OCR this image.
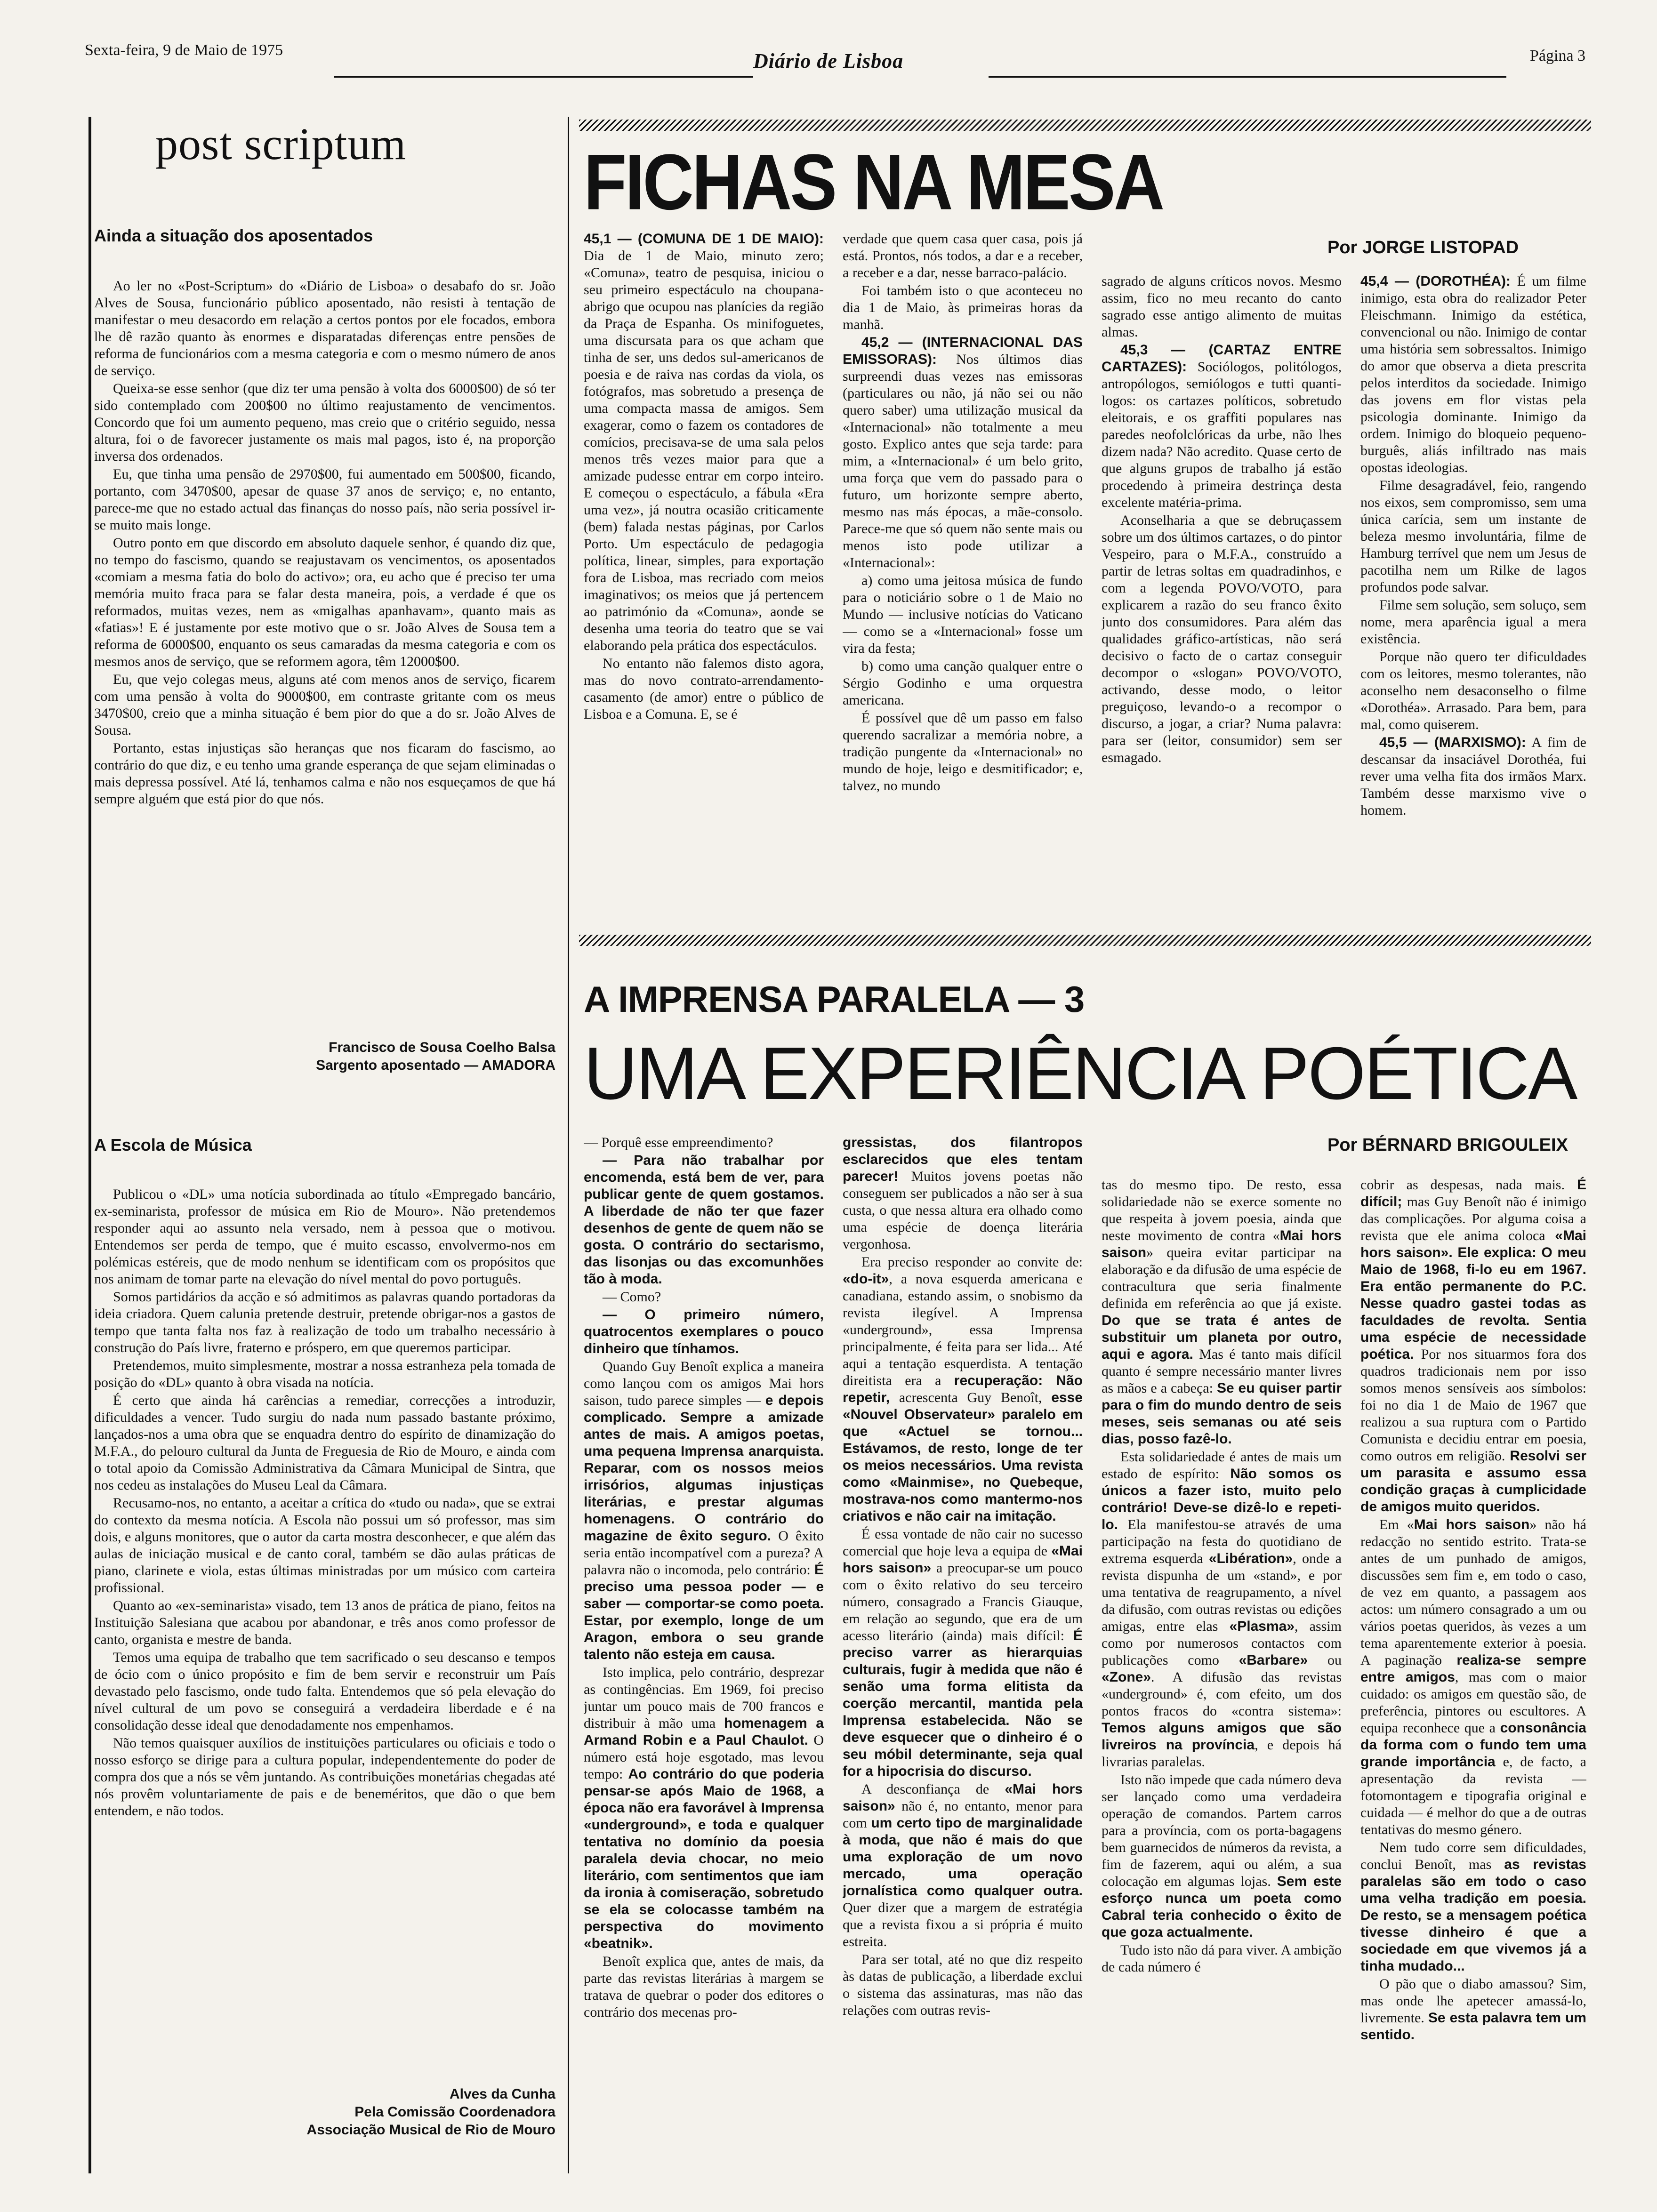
Sexta-feira, 9 de Maio de 1975	Diário de Lisboa	Página 3
post scriptum
Ainda a situação dos aposentados

Ao ler no «Post-Scriptum» do «Diário de Lisboa» o desabafo do sr. João Alves de Sousa, funcionário público aposentado, não resisti à tentação de manifestar o meu desacordo em relação a certos pontos por ele focados, embora lhe dê razão quanto às enormes e disparatadas diferenças entre pensões de reforma de funcionários com a mesma categoria e com o mesmo número de anos de serviço.

Queixa-se esse senhor (que diz ter uma pensão à volta dos 6000$00) de só ter sido contemplado com 200$00 no último reajustamento de vencimentos. Concordo que foi um aumento pequeno, mas creio que o critério seguido, nessa altura, foi o de favorecer justamente os mais mal pagos, isto é, na proporção inversa dos ordenados.

Eu, que tinha uma pensão de 2970$00, fui aumentado em 500$00, ficando, portanto, com 3470$00, apesar de quase 37 anos de serviço; e, no entanto, parece-me que no estado actual das finanças do nosso país, não seria possível ir-se muito mais longe.

Outro ponto em que discordo em absoluto daquele senhor, é quando diz que, no tempo do fascismo, quando se reajustavam os vencimentos, os aposentados «comiam a mesma fatia do bolo do activo»; ora, eu acho que é preciso ter uma memória muito fraca para se falar desta maneira, pois, a verdade é que os reformados, muitas vezes, nem as «migalhas apanhavam», quanto mais as «fatias»! E é justamente por este motivo que o sr. João Alves de Sousa tem a reforma de 6000$00, enquanto os seus camaradas da mesma categoria e com os mesmos anos de serviço, que se reformem agora, têm 12000$00.

Eu, que vejo colegas meus, alguns até com menos anos de serviço, ficarem com uma pensão à volta do 9000$00, em contraste gritante com os meus 3470$00, creio que a minha situação é bem pior do que a do sr. João Alves de Sousa.

Portanto, estas injustiças são heranças que nos ficaram do fascismo, ao contrário do que diz, e eu tenho uma grande esperança de que sejam eliminadas o mais depressa possível. Até lá, tenhamos calma e não nos esqueçamos de que há sempre alguém que está pior do que nós.

Francisco de Sousa Coelho Balsa
Sargento aposentado — AMADORA
A Escola de Música

Publicou o «DL» uma notícia subordinada ao título «Empregado bancário, ex-seminarista, professor de música em Rio de Mouro». Não pretendemos responder aqui ao assunto nela versado, nem à pessoa que o motivou. Entendemos ser perda de tempo, que é muito escasso, envolvermo-nos em polémicas estéreis, que de modo nenhum se identificam com os propósitos que nos animam de tomar parte na elevação do nível mental do povo português.

Somos partidários da acção e só admitimos as palavras quando portadoras da ideia criadora. Quem calunia pretende destruir, pretende obrigar-nos a gastos de tempo que tanta falta nos faz à realização de todo um trabalho necessário à construção do País livre, fraterno e próspero, em que queremos participar.

Pretendemos, muito simplesmente, mostrar a nossa estranheza pela tomada de posição do «DL» quanto à obra visada na notícia.

É certo que ainda há carências a remediar, correcções a introduzir, dificuldades a vencer. Tudo surgiu do nada num passado bastante próximo, lançados-nos a uma obra que se enquadra dentro do espírito de dinamização do M.F.A., do pelouro cultural da Junta de Freguesia de Rio de Mouro, e ainda com o total apoio da Comissão Administrativa da Câmara Municipal de Sintra, que nos cedeu as instalações do Museu Leal da Câmara.

Recusamo-nos, no entanto, a aceitar a crítica do «tudo ou nada», que se extrai do contexto da mesma notícia. A Escola não possui um só professor, mas sim dois, e alguns monitores, que o autor da carta mostra desconhecer, e que além das aulas de iniciação musical e de canto coral, também se dão aulas práticas de piano, clarinete e viola, estas últimas ministradas por um músico com carteira profissional.

Quanto ao «ex-seminarista» visado, tem 13 anos de prática de piano, feitos na Instituição Salesiana que acabou por abandonar, e três anos como professor de canto, organista e mestre de banda.

Temos uma equipa de trabalho que tem sacrificado o seu descanso e tempos de ócio com o único propósito e fim de bem servir e reconstruir um País devastado pelo fascismo, onde tudo falta. Entendemos que só pela elevação do nível cultural de um povo se conseguirá a verdadeira liberdade e é na consolidação desse ideal que denodadamente nos empenhamos.

Não temos quaisquer auxílios de instituições particulares ou oficiais e todo o nosso esforço se dirige para a cultura popular, independentemente do poder de compra dos que a nós se vêm juntando. As contribuições monetárias chegadas até nós provêm voluntariamente de pais e de beneméritos, que dão o que bem entendem, e não todos.

Alves da Cunha
Pela Comissão Coordenadora
Associação Musical de Rio de Mouro
FICHAS NA MESA
Por JORGE LISTOPAD

45,1 — (COMUNA DE 1 DE MAIO): Dia de 1 de Maio, minuto zero; «Comuna», teatro de pesquisa, iniciou o seu primeiro espectáculo na choupana-abrigo que ocupou nas planícies da região da Praça de Espanha. Os minifoguetes, uma discursata para os que acham que tinha de ser, uns dedos sul-americanos de poesia e de raiva nas cordas da viola, os fotógrafos, mas sobretudo a presença de uma compacta massa de amigos. Sem exagerar, como o fazem os contadores de comícios, precisava-se de uma sala pelos menos três vezes maior para que a amizade pudesse entrar em corpo inteiro. E começou o espectáculo, a fábula «Era uma vez», já noutra ocasião criticamente (bem) falada nestas páginas, por Carlos Porto. Um espectáculo de pedagogia política, linear, simples, para exportação fora de Lisboa, mas recriado com meios imaginativos; os meios que já pertencem ao património da «Comuna», aonde se desenha uma teoria do teatro que se vai elaborando pela prática dos espectáculos.

No entanto não falemos disto agora, mas do novo contrato-arrendamento-casamento (de amor) entre o público de Lisboa e a Comuna. E, se é

verdade que quem casa quer casa, pois já está. Prontos, nós todos, a dar e a receber, a receber e a dar, nesse barraco-palácio.

Foi também isto o que aconteceu no dia 1 de Maio, às primeiras horas da manhã.

45,2 — (INTERNACIONAL DAS EMISSORAS): Nos últimos dias surpreendi duas vezes nas emissoras (particulares ou não, já não sei ou não quero saber) uma utilização musical da «Internacional» não totalmente a meu gosto. Explico antes que seja tarde: para mim, a «Internacional» é um belo grito, uma força que vem do passado para o futuro, um horizonte sempre aberto, mesmo nas más épocas, a mãe-consolo. Parece-me que só quem não sente mais ou menos isto pode utilizar a «Internacional»:

a) como uma jeitosa música de fundo para o noticiário sobre o 1 de Maio no Mundo — inclusive notícias do Vaticano — como se a «Internacional» fosse um vira da festa;

b) como uma canção qualquer entre o Sérgio Godinho e uma orquestra americana.

É possível que dê um passo em falso querendo sacralizar a memória nobre, a tradição pungente da «Internacional» no mundo de hoje, leigo e desmitificador; e, talvez, no mundo

sagrado de alguns críticos novos. Mesmo assim, fico no meu recanto do canto sagrado esse antigo alimento de muitas almas.

45,3 — (CARTAZ ENTRE CARTAZES): Sociólogos, politólogos, antropólogos, semiólogos e tutti quanti-logos: os cartazes políticos, sobretudo eleitorais, e os graffiti populares nas paredes neofolclóricas da urbe, não lhes dizem nada? Não acredito. Quase certo de que alguns grupos de trabalho já estão procedendo à primeira destrinça desta excelente matéria-prima.

Aconselharia a que se debruçassem sobre um dos últimos cartazes, o do pintor Vespeiro, para o M.F.A., construído a partir de letras soltas em quadradinhos, e com a legenda POVO/VOTO, para explicarem a razão do seu franco êxito junto dos consumidores. Para além das qualidades gráfico-artísticas, não será decisivo o facto de o cartaz conseguir decompor o «slogan» POVO/VOTO, activando, desse modo, o leitor preguiçoso, levando-o a recompor o discurso, a jogar, a criar? Numa palavra: para ser (leitor, consumidor) sem ser esmagado.

45,4 — (DOROTHÉA): É um filme inimigo, esta obra do realizador Peter Fleischmann. Inimigo da estética, convencional ou não. Inimigo de contar uma história sem sobressaltos. Inimigo do amor que observa a dieta prescrita pelos interditos da sociedade. Inimigo das jovens em flor vistas pela psicologia dominante. Inimigo da ordem. Inimigo do bloqueio pequeno-burguês, aliás infiltrado nas mais opostas ideologias.

Filme desagradável, feio, rangendo nos eixos, sem compromisso, sem uma única carícia, sem um instante de beleza mesmo involuntária, filme de Hamburg terrível que nem um Jesus de pacotilha nem um Rilke de lagos profundos pode salvar.

Filme sem solução, sem soluço, sem nome, mera aparência igual a mera existência.

Porque não quero ter dificuldades com os leitores, mesmo tolerantes, não aconselho nem desaconselho o filme «Dorothéa». Arrasado. Para bem, para mal, como quiserem.

45,5 — (MARXISMO): A fim de descansar da insaciável Dorothéa, fui rever uma velha fita dos irmãos Marx. Também desse marxismo vive o homem.

A IMPRENSA PARALELA — 3
UMA EXPERIÊNCIA POÉTICA
Por BÉRNARD BRIGOULEIX

— Porquê esse empreendimento?

— Para não trabalhar por encomenda, está bem de ver, para publicar gente de quem gostamos. A liberdade de não ter que fazer desenhos de gente de quem não se gosta. O contrário do sectarismo, das lisonjas ou das excomunhões tão à moda.

— Como?

— O primeiro número, quatrocentos exemplares o pouco dinheiro que tínhamos.

Quando Guy Benoît explica a maneira como lançou com os amigos Mai hors saison, tudo parece simples — e depois complicado. Sempre a amizade antes de mais. A amigos poetas, uma pequena Imprensa anarquista. Reparar, com os nossos meios irrisórios, algumas injustiças literárias, e prestar algumas homenagens. O contrário do magazine de êxito seguro. O êxito seria então incompatível com a pureza? A palavra não o incomoda, pelo contrário: É preciso uma pessoa poder — e saber — comportar-se como poeta. Estar, por exemplo, longe de um Aragon, embora o seu grande talento não esteja em causa.

Isto implica, pelo contrário, desprezar as contingências. Em 1969, foi preciso juntar um pouco mais de 700 francos e distribuir à mão uma homenagem a Armand Robin e a Paul Chaulot. O número está hoje esgotado, mas levou tempo: Ao contrário do que poderia pensar-se após Maio de 1968, a época não era favorável à Imprensa «underground», e toda e qualquer tentativa no domínio da poesia paralela devia chocar, no meio literário, com sentimentos que iam da ironia à comiseração, sobretudo se ela se colocasse também na perspectiva do movimento «beatnik».

Benoît explica que, antes de mais, da parte das revistas literárias à margem se tratava de quebrar o poder dos editores o contrário dos mecenas pro-

gressistas, dos filantropos esclarecidos que eles tentam parecer! Muitos jovens poetas não conseguem ser publicados a não ser à sua custa, o que nessa altura era olhado como uma espécie de doença literária vergonhosa.

Era preciso responder ao convite de: «do-it», a nova esquerda americana e canadiana, estando assim, o snobismo da revista ilegível. A Imprensa «underground», essa Imprensa principalmente, é feita para ser lida... Até aqui a tentação esquerdista. A tentação direitista era a recuperação: Não repetir, acrescenta Guy Benoît, esse «Nouvel Observateur» paralelo em que «Actuel se tornou... Estávamos, de resto, longe de ter os meios necessários. Uma revista como «Mainmise», no Quebeque, mostrava-nos como mantermo-nos criativos e não cair na imitação.

É essa vontade de não cair no sucesso comercial que hoje leva a equipa de «Mai hors saison» a preocupar-se um pouco com o êxito relativo do seu terceiro número, consagrado a Francis Giauque, em relação ao segundo, que era de um acesso literário (ainda) mais difícil: É preciso varrer as hierarquias culturais, fugir à medida que não é senão uma forma elitista da coerção mercantil, mantida pela Imprensa estabelecida. Não se deve esquecer que o dinheiro é o seu móbil determinante, seja qual for a hipocrisia do discurso.

A desconfiança de «Mai hors saison» não é, no entanto, menor para com um certo tipo de marginalidade à moda, que não é mais do que uma exploração de um novo mercado, uma operação jornalística como qualquer outra. Quer dizer que a margem de estratégia que a revista fixou a si própria é muito estreita.

Para ser total, até no que diz respeito às datas de publicação, a liberdade exclui o sistema das assinaturas, mas não das relações com outras revis-

tas do mesmo tipo. De resto, essa solidariedade não se exerce somente no que respeita à jovem poesia, ainda que neste movimento de contra «Mai hors saison» queira evitar participar na elaboração e da difusão de uma espécie de contracultura que seria finalmente definida em referência ao que já existe. Do que se trata é antes de substituir um planeta por outro, aqui e agora. Mas é tanto mais difícil quanto é sempre necessário manter livres as mãos e a cabeça: Se eu quiser partir para o fim do mundo dentro de seis meses, seis semanas ou até seis dias, posso fazê-lo.

Esta solidariedade é antes de mais um estado de espírito: Não somos os únicos a fazer isto, muito pelo contrário! Deve-se dizê-lo e repeti-lo. Ela manifestou-se através de uma participação na festa do quotidiano de extrema esquerda «Libération», onde a revista dispunha de um «stand», e por uma tentativa de reagrupamento, a nível da difusão, com outras revistas ou edições amigas, entre elas «Plasma», assim como por numerosos contactos com publicações como «Barbare» ou «Zone». A difusão das revistas «underground» é, com efeito, um dos pontos fracos do «contra sistema»: Temos alguns amigos que são livreiros na província, e depois há livrarias paralelas.

Isto não impede que cada número deva ser lançado como uma verdadeira operação de comandos. Partem carros para a província, com os porta-bagagens bem guarnecidos de números da revista, a fim de fazerem, aqui ou além, a sua colocação em algumas lojas. Sem este esforço nunca um poeta como Cabral teria conhecido o êxito de que goza actualmente.

Tudo isto não dá para viver. A ambição de cada número é

cobrir as despesas, nada mais. É difícil; mas Guy Benoît não é inimigo das complicações. Por alguma coisa a revista que ele anima coloca «Mai hors saison». Ele explica: O meu Maio de 1968, fi-lo eu em 1967. Era então permanente do P.C. Nesse quadro gastei todas as faculdades de revolta. Sentia uma espécie de necessidade poética. Por nos situarmos fora dos quadros tradicionais nem por isso somos menos sensíveis aos símbolos: foi no dia 1 de Maio de 1967 que realizou a sua ruptura com o Partido Comunista e decidiu entrar em poesia, como outros em religião. Resolvi ser um parasita e assumo essa condição graças à cumplicidade de amigos muito queridos.

Em «Mai hors saison» não há redacção no sentido estrito. Trata-se antes de um punhado de amigos, discussões sem fim e, em todo o caso, de vez em quanto, a passagem aos actos: um número consagrado a um ou vários poetas queridos, às vezes a um tema aparentemente exterior à poesia. A paginação realiza-se sempre entre amigos, mas com o maior cuidado: os amigos em questão são, de preferência, pintores ou escultores. A equipa reconhece que a consonância da forma com o fundo tem uma grande importância e, de facto, a apresentação da revista — fotomontagem e tipografia original e cuidada — é melhor do que a de outras tentativas do mesmo género.

Nem tudo corre sem dificuldades, conclui Benoît, mas as revistas paralelas são em todo o caso uma velha tradição em poesia. De resto, se a mensagem poética tivesse dinheiro é que a sociedade em que vivemos já a tinha mudado...

O pão que o diabo amassou? Sim, mas onde lhe apetecer amassá-lo, livremente. Se esta palavra tem um sentido.
